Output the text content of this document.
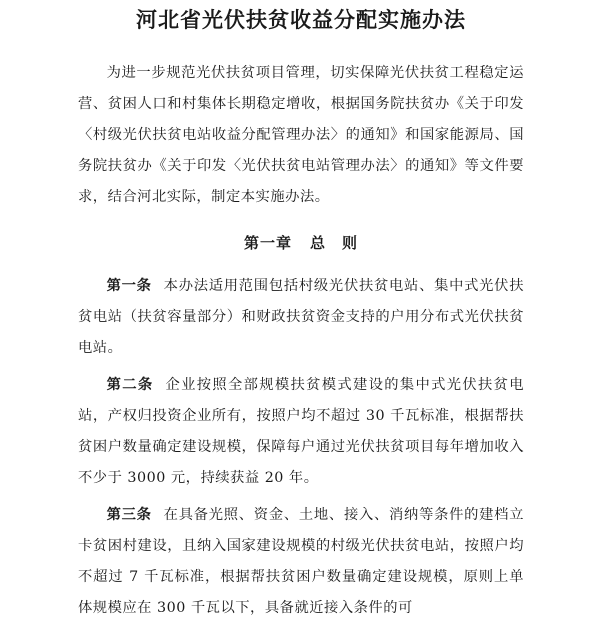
河北省光伏扶贫收益分配实施办法

为进一步规范光伏扶贫项目管理，切实保障光伏扶贫工程稳定运营、贫困人口和村集体长期稳定增收，根据国务院扶贫办《关于印发〈村级光伏扶贫电站收益分配管理办法〉的通知》和国家能源局、国务院扶贫办《关于印发〈光伏扶贫电站管理办法〉的通知》等文件要求，结合河北实际，制定本实施办法。

第一章 总　则

第一条 本办法适用范围包括村级光伏扶贫电站、集中式光伏扶贫电站（扶贫容量部分）和财政扶贫资金支持的户用分布式光伏扶贫电站。

第二条 企业按照全部规模扶贫模式建设的集中式光伏扶贫电站，产权归投资企业所有，按照户均不超过 30 千瓦标准，根据帮扶贫困户数量确定建设规模，保障每户通过光伏扶贫项目每年增加收入不少于 3000 元，持续获益 20 年。

第三条 在具备光照、资金、土地、接入、消纳等条件的建档立卡贫困村建设，且纳入国家建设规模的村级光伏扶贫电站，按照户均不超过 7 千瓦标准，根据帮扶贫困户数量确定建设规模，原则上单体规模应在 300 千瓦以下，具备就近接入条件的可
